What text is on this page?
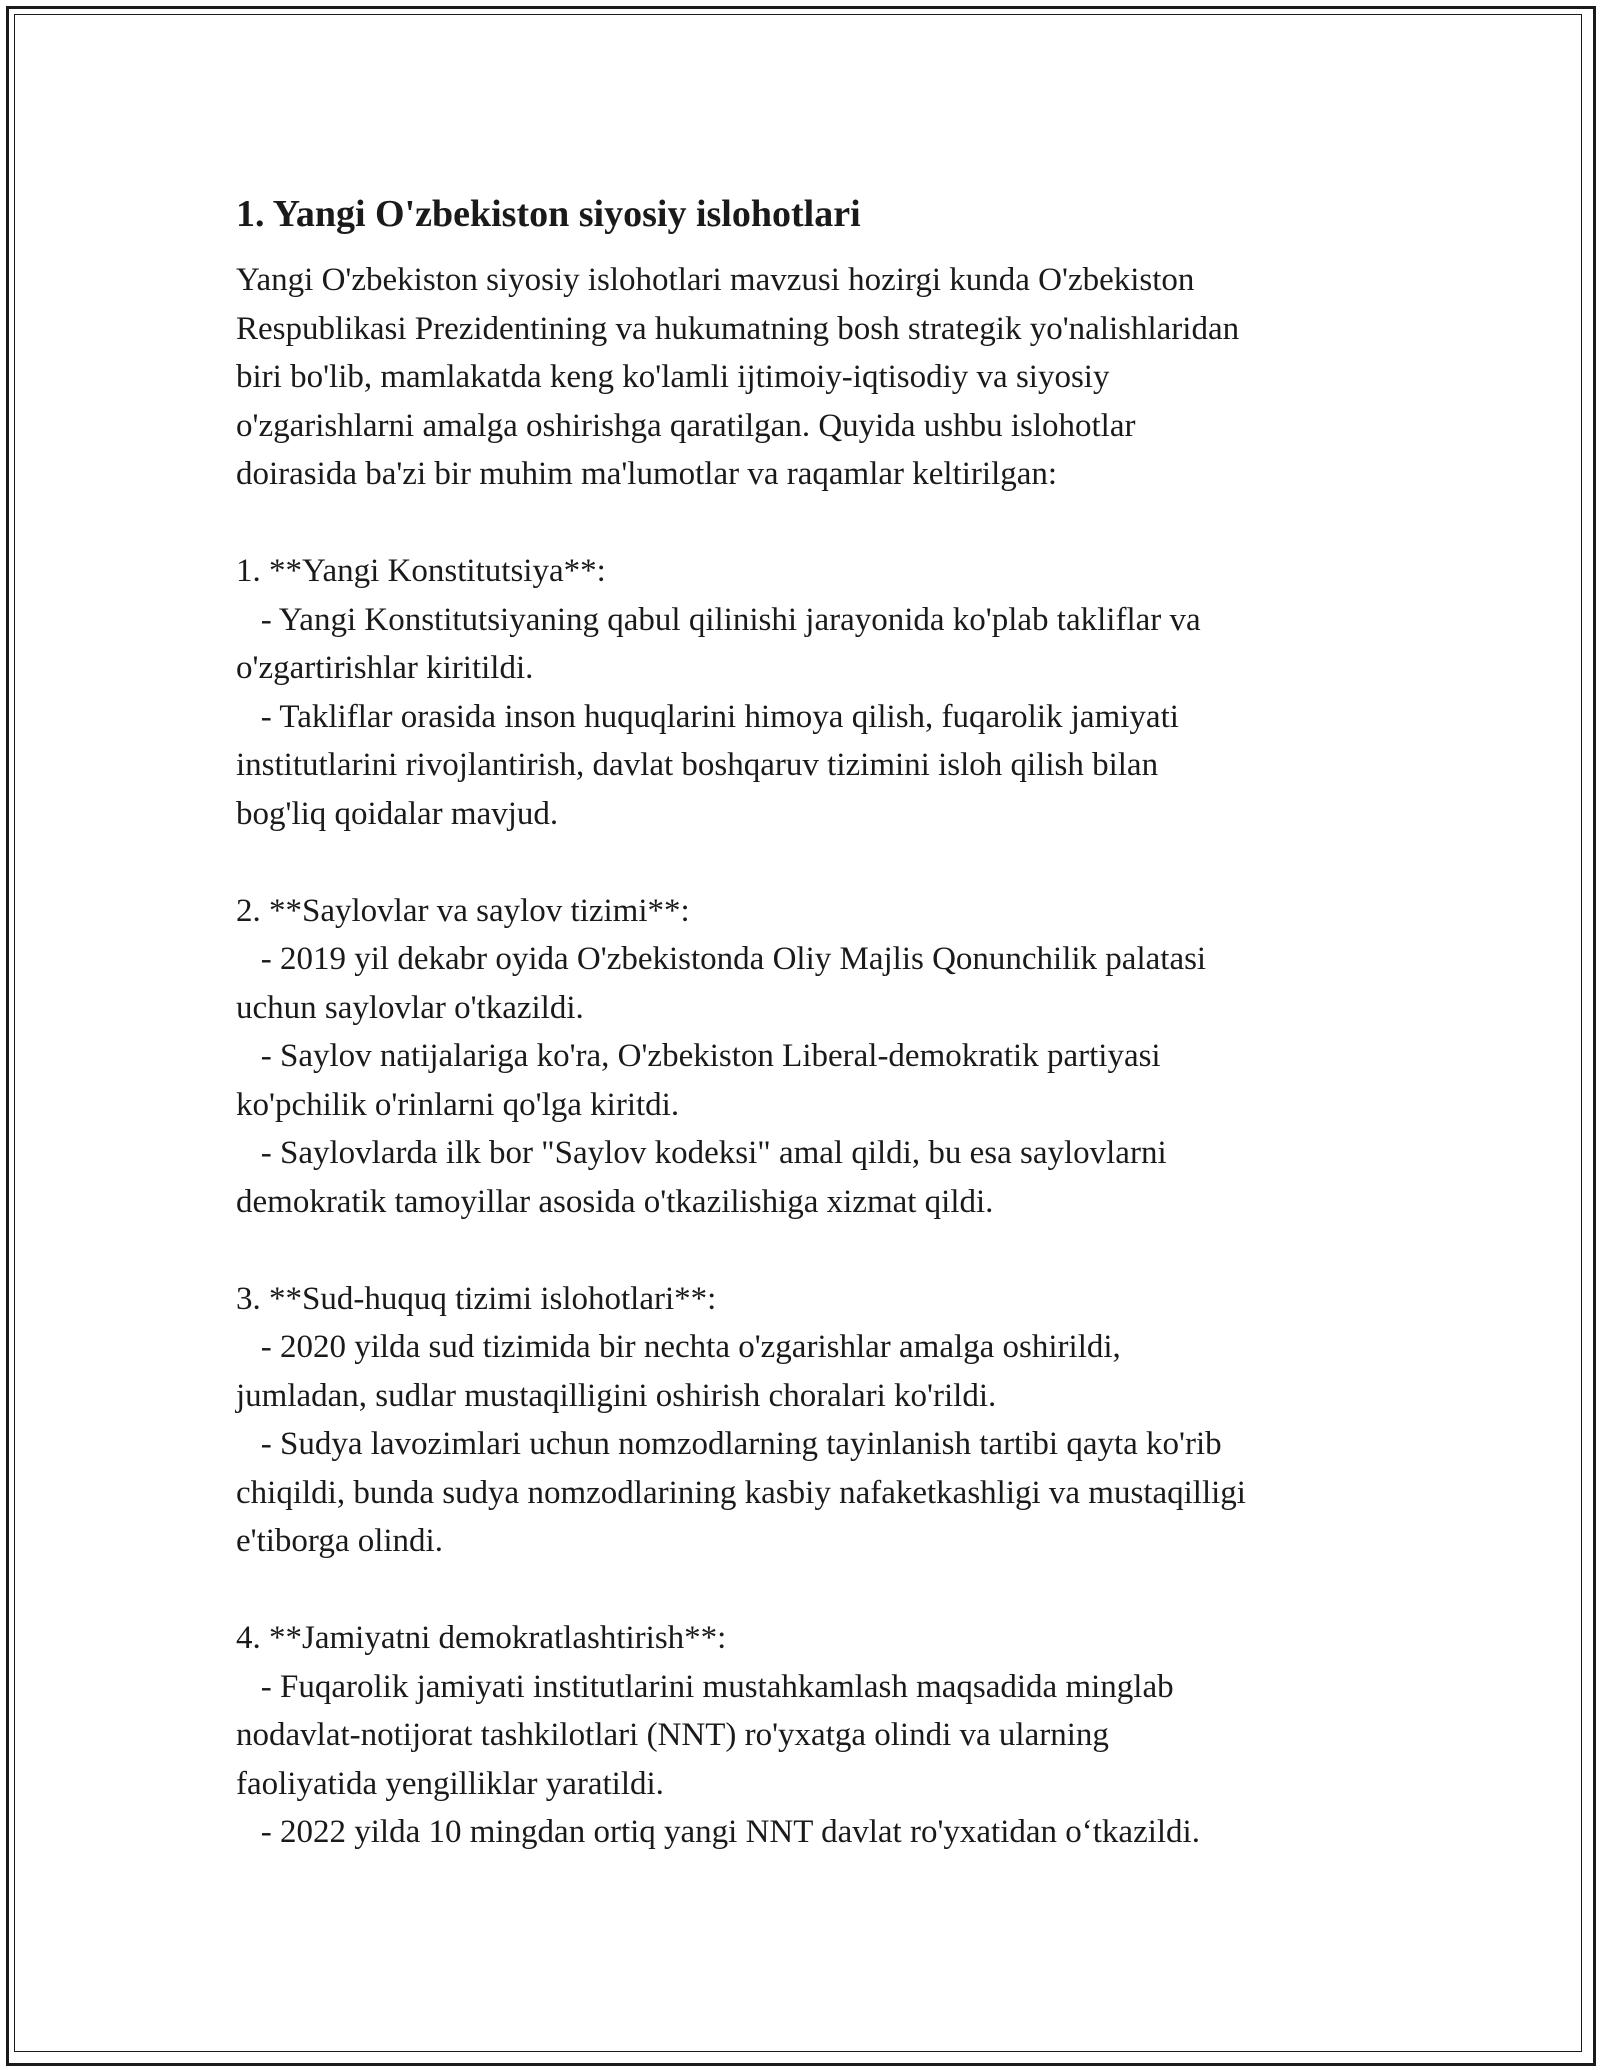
1. Yangi O'zbekiston siyosiy islohotlari

Yangi O'zbekiston siyosiy islohotlari mavzusi hozirgi kunda O'zbekiston

Respublikasi Prezidentining va hukumatning bosh strategik yo'nalishlaridan

biri bo'lib, mamlakatda keng ko'lamli ijtimoiy-iqtisodiy va siyosiy

o'zgarishlarni amalga oshirishga qaratilgan. Quyida ushbu islohotlar

doirasida ba'zi bir muhim ma'lumotlar va raqamlar keltirilgan:

1. **Yangi Konstitutsiya**:

- Yangi Konstitutsiyaning qabul qilinishi jarayonida ko'plab takliflar va

o'zgartirishlar kiritildi.

- Takliflar orasida inson huquqlarini himoya qilish, fuqarolik jamiyati

institutlarini rivojlantirish, davlat boshqaruv tizimini isloh qilish bilan

bog'liq qoidalar mavjud.

2. **Saylovlar va saylov tizimi**:

- 2019 yil dekabr oyida O'zbekistonda Oliy Majlis Qonunchilik palatasi

uchun saylovlar o'tkazildi.

- Saylov natijalariga ko'ra, O'zbekiston Liberal-demokratik partiyasi

ko'pchilik o'rinlarni qo'lga kiritdi.

- Saylovlarda ilk bor "Saylov kodeksi" amal qildi, bu esa saylovlarni

demokratik tamoyillar asosida o'tkazilishiga xizmat qildi.

3. **Sud-huquq tizimi islohotlari**:

- 2020 yilda sud tizimida bir nechta o'zgarishlar amalga oshirildi,

jumladan, sudlar mustaqilligini oshirish choralari ko'rildi.

- Sudya lavozimlari uchun nomzodlarning tayinlanish tartibi qayta ko'rib

chiqildi, bunda sudya nomzodlarining kasbiy nafaketkashligi va mustaqilligi

e'tiborga olindi.

4. **Jamiyatni demokratlashtirish**:

- Fuqarolik jamiyati institutlarini mustahkamlash maqsadida minglab

nodavlat-notijorat tashkilotlari (NNT) ro'yxatga olindi va ularning

faoliyatida yengilliklar yaratildi.

- 2022 yilda 10 mingdan ortiq yangi NNT davlat ro'yxatidan o‘tkazildi.
